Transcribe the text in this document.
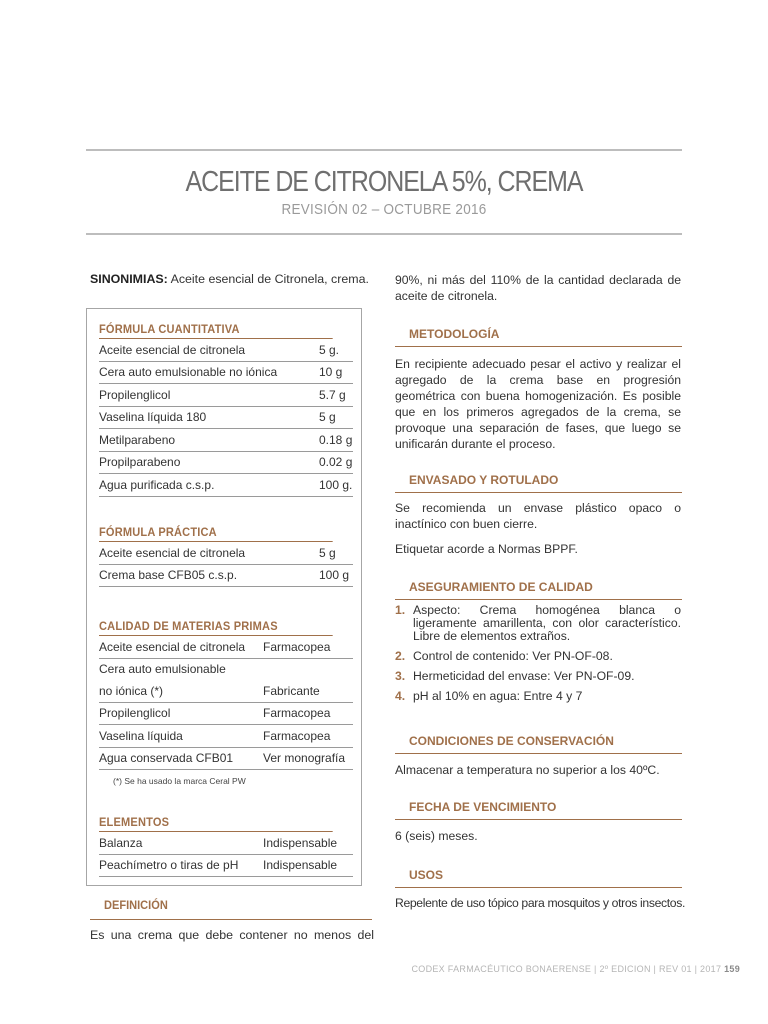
ACEITE DE CITRONELA 5%, CREMA
REVISIÓN 02 – OCTUBRE 2016
SINONIMIAS: Aceite esencial de Citronela, crema.
FÓRMULA CUANTITATIVA
Aceite esencial de citronela	5 g.
Cera auto emulsionable no iónica	10 g
Propilenglicol	5.7 g
Vaselina líquida 180	5 g
Metilparabeno	0.18 g
Propilparabeno	0.02 g
Agua purificada c.s.p.	100 g.
FÓRMULA PRÁCTICA
Aceite esencial de citronela	5 g
Crema base CFB05 c.s.p.	100 g
CALIDAD DE MATERIAS PRIMAS
Aceite esencial de citronela	Farmacopea
Cera auto emulsionable
no iónica (*)	Fabricante
Propilenglicol	Farmacopea
Vaselina líquida	Farmacopea
Agua conservada CFB01	Ver monografía
(*) Se ha usado la marca Ceral PW
ELEMENTOS
Balanza	Indispensable
Peachímetro o tiras de pH	Indispensable
DEFINICIÓN
Es una crema que debe contener no menos del

90%, ni más del 110% de la cantidad declarada de aceite de citronela.

METODOLOGÍA

En recipiente adecuado pesar el activo y realizar el agregado de la crema base en progresión geométrica con buena homogenización. Es posible que en los primeros agregados de la crema, se provoque una separación de fases, que luego se unificarán durante el proceso.

ENVASADO Y ROTULADO

Se recomienda un envase plástico opaco o inactínico con buen cierre.

Etiquetar acorde a Normas BPPF.

ASEGURAMIENTO DE CALIDAD
1. Aspecto: Crema homogénea blanca o ligeramente amarillenta, con olor característico. Libre de elementos extraños.
2. Control de contenido: Ver PN-OF-08.
3. Hermeticidad del envase: Ver PN-OF-09.
4. pH al 10% en agua: Entre 4 y 7
CONDICIONES DE CONSERVACIÓN

Almacenar a temperatura no superior a los 40ºC.

FECHA DE VENCIMIENTO

6 (seis) meses.

USOS

Repelente de uso tópico para mosquitos y otros insectos.

CODEX FARMACÉUTICO BONAERENSE | 2º EDICION | REV 01 | 2017 159
